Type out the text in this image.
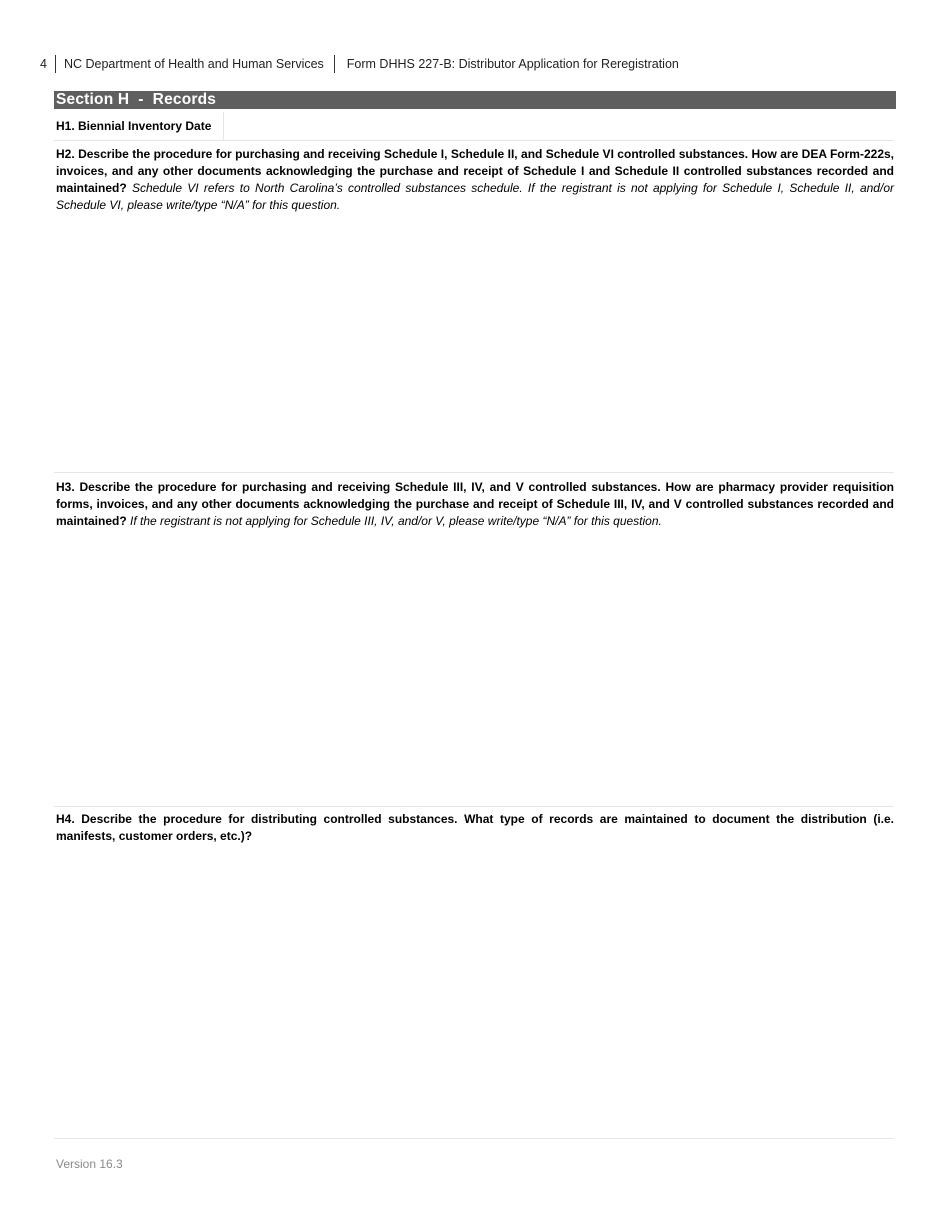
4	NC Department of Health and Human Services	Form DHHS 227-B: Distributor Application for Reregistration
Section H  -  Records
H1. Biennial Inventory Date
H2. Describe the procedure for purchasing and receiving Schedule I, Schedule II, and Schedule VI controlled substances. How are DEA Form-222s, invoices, and any other documents acknowledging the purchase and receipt of Schedule I and Schedule II controlled substances recorded and maintained? Schedule VI refers to North Carolina’s controlled substances schedule. If the registrant is not applying for Schedule I, Schedule II, and/or Schedule VI, please write/type “N/A” for this question.
H3. Describe the procedure for purchasing and receiving Schedule III, IV, and V controlled substances. How are pharmacy provider requisition forms, invoices, and any other documents acknowledging the purchase and receipt of Schedule III, IV, and V controlled substances recorded and maintained? If the registrant is not applying for Schedule III, IV, and/or V, please write/type “N/A” for this question.
H4. Describe the procedure for distributing controlled substances. What type of records are maintained to document the distribution (i.e. manifests, customer orders, etc.)?
Version 16.3
